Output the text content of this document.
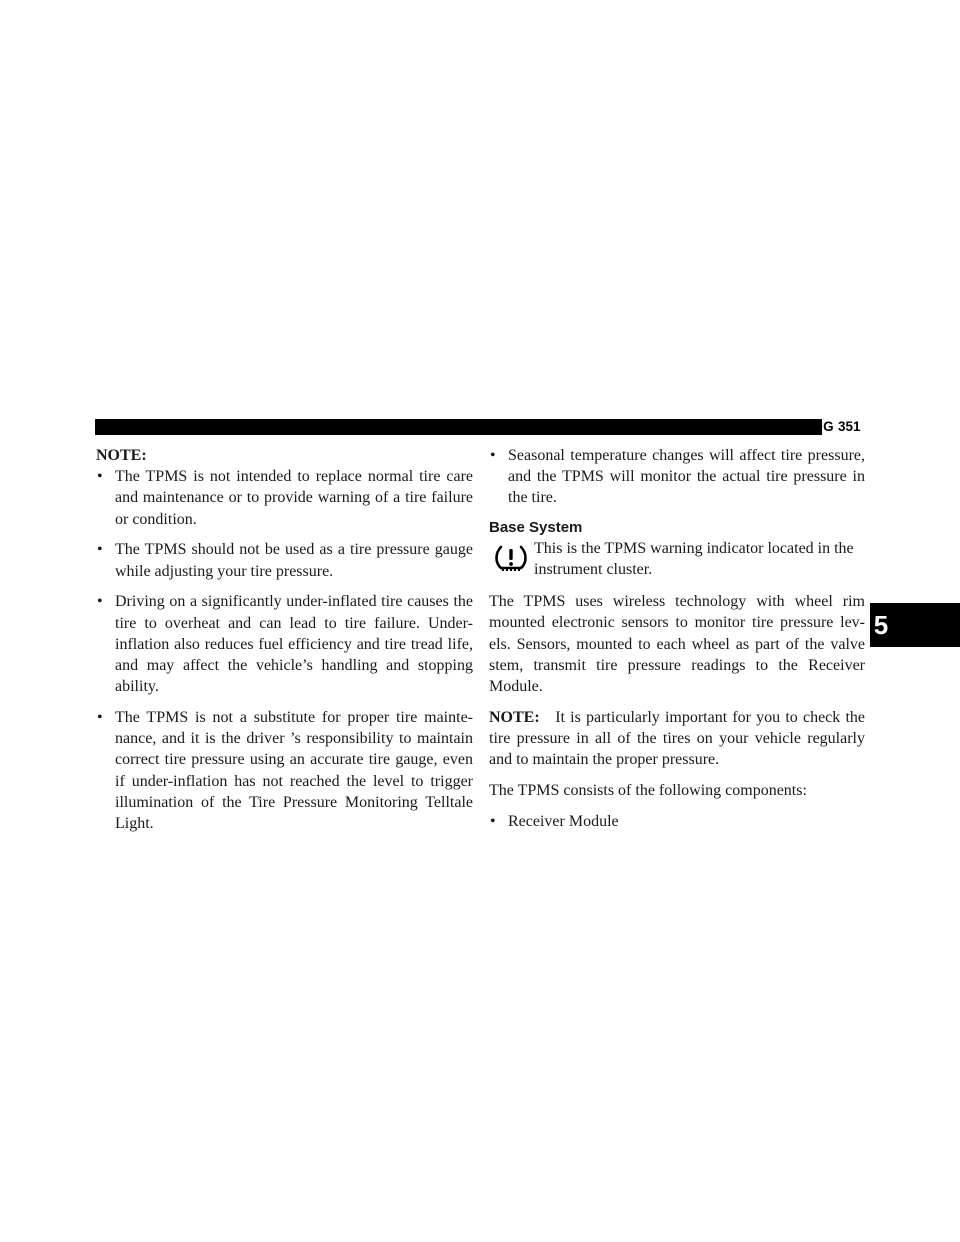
STARTING AND OPERATING 351
5

NOTE:

• The TPMS is not intended to replace normal tire care and maintenance or to provide warning of a tire failure or condition.
• The TPMS should not be used as a tire pressure gauge while adjusting your tire pressure.
• Driving on a significantly under-inflated tire causes the tire to overheat and can lead to tire failure. Under-inflation also reduces fuel efficiency and tire tread life, and may affect the vehicle’s handling and stopping ability.
• The TPMS is not a substitute for proper tire mainte- nance, and it is the driver ’s responsibility to maintain correct tire pressure using an accurate tire gauge, even if under-inflation has not reached the level to trigger illumination of the Tire Pressure Monitoring Telltale Light.
• Seasonal temperature changes will affect tire pressure, and the TPMS will monitor the actual tire pressure in the tire.
Base System
This is the TPMS warning indicator located in the instrument cluster.

The TPMS uses wireless technology with wheel rim mounted electronic sensors to monitor tire pressure lev- els. Sensors, mounted to each wheel as part of the valve stem, transmit tire pressure readings to the Receiver Module.

NOTE: It is particularly important for you to check the tire pressure in all of the tires on your vehicle regularly and to maintain the proper pressure.

The TPMS consists of the following components:

• Receiver Module
